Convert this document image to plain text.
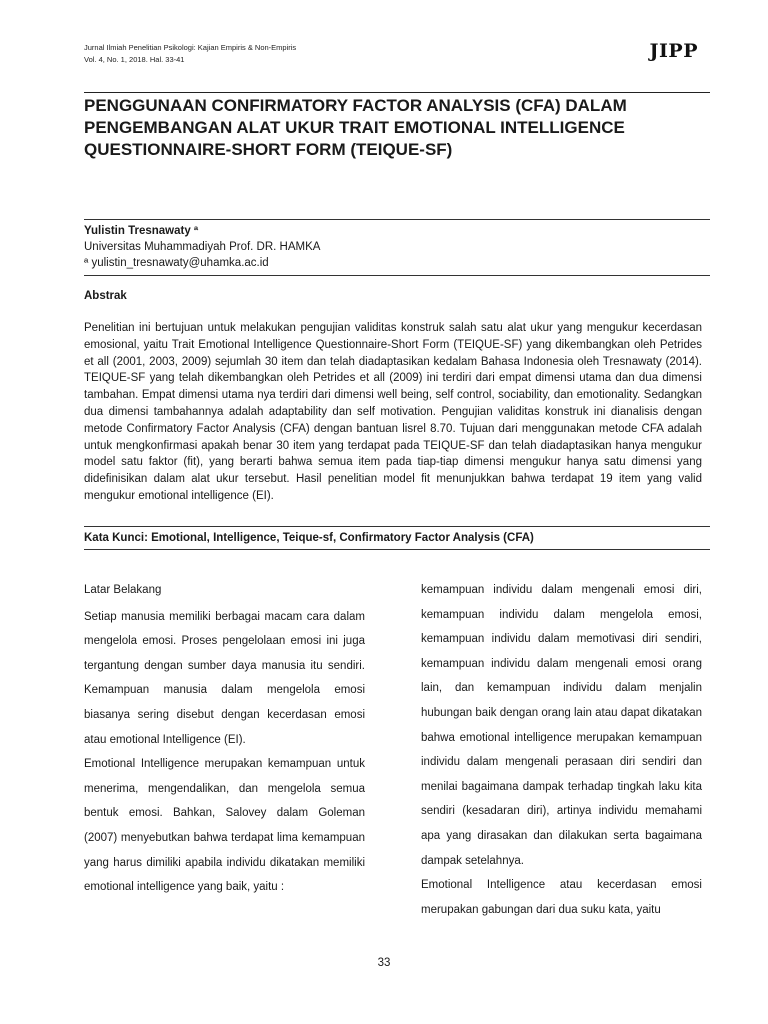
Jurnal Ilmiah Penelitian Psikologi: Kajian Empiris & Non-Empiris
Vol. 4, No. 1, 2018. Hal. 33-41	JIPP
PENGGUNAAN CONFIRMATORY FACTOR ANALYSIS (CFA) DALAM PENGEMBANGAN ALAT UKUR TRAIT EMOTIONAL INTELLIGENCE QUESTIONNAIRE-SHORT FORM (TEIQUE-SF)
Yulistin Tresnawaty ª
Universitas Muhammadiyah Prof. DR. HAMKA
ª yulistin_tresnawaty@uhamka.ac.id
Abstrak
Penelitian ini bertujuan untuk melakukan pengujian validitas konstruk salah satu alat ukur yang mengukur kecerdasan emosional, yaitu Trait Emotional Intelligence Questionnaire-Short Form (TEIQUE-SF) yang dikembangkan oleh Petrides et all (2001, 2003, 2009) sejumlah 30 item dan telah diadaptasikan kedalam Bahasa Indonesia oleh Tresnawaty (2014). TEIQUE-SF yang telah dikembangkan oleh Petrides et all (2009) ini terdiri dari empat dimensi utama dan dua dimensi tambahan. Empat dimensi utama nya terdiri dari dimensi well being, self control, sociability, dan emotionality. Sedangkan dua dimensi tambahannya adalah adaptability dan self motivation. Pengujian validitas konstruk ini dianalisis dengan metode Confirmatory Factor Analysis (CFA) dengan bantuan lisrel 8.70. Tujuan dari menggunakan metode CFA adalah untuk mengkonfirmasi apakah benar 30 item yang terdapat pada TEIQUE-SF dan telah diadaptasikan hanya mengukur model satu faktor (fit), yang berarti bahwa semua item pada tiap-tiap dimensi mengukur hanya satu dimensi yang didefinisikan dalam alat ukur tersebut. Hasil penelitian model fit menunjukkan bahwa terdapat 19 item yang valid mengukur emotional intelligence (EI).
Kata Kunci: Emotional, Intelligence, Teique-sf, Confirmatory Factor Analysis (CFA)

Latar Belakang

Setiap manusia memiliki berbagai macam cara dalam mengelola emosi. Proses pengelolaan emosi ini juga tergantung dengan sumber daya manusia itu sendiri. Kemampuan manusia dalam mengelola emosi biasanya sering disebut dengan kecerdasan emosi atau emotional Intelligence (EI).

Emotional Intelligence merupakan kemampuan untuk menerima, mengendalikan, dan mengelola semua bentuk emosi. Bahkan, Salovey dalam Goleman (2007) menyebutkan bahwa terdapat lima kemampuan yang harus dimiliki apabila individu dikatakan memiliki emotional intelligence yang baik, yaitu :

kemampuan individu dalam mengenali emosi diri, kemampuan individu dalam mengelola emosi, kemampuan individu dalam memotivasi diri sendiri, kemampuan individu dalam mengenali emosi orang lain, dan kemampuan individu dalam menjalin hubungan baik dengan orang lain atau dapat dikatakan bahwa emotional intelligence merupakan kemampuan individu dalam mengenali perasaan diri sendiri dan menilai bagaimana dampak terhadap tingkah laku kita sendiri (kesadaran diri), artinya individu memahami apa yang dirasakan dan dilakukan serta bagaimana dampak setelahnya.

Emotional Intelligence atau kecerdasan emosi merupakan gabungan dari dua suku kata, yaitu

33
